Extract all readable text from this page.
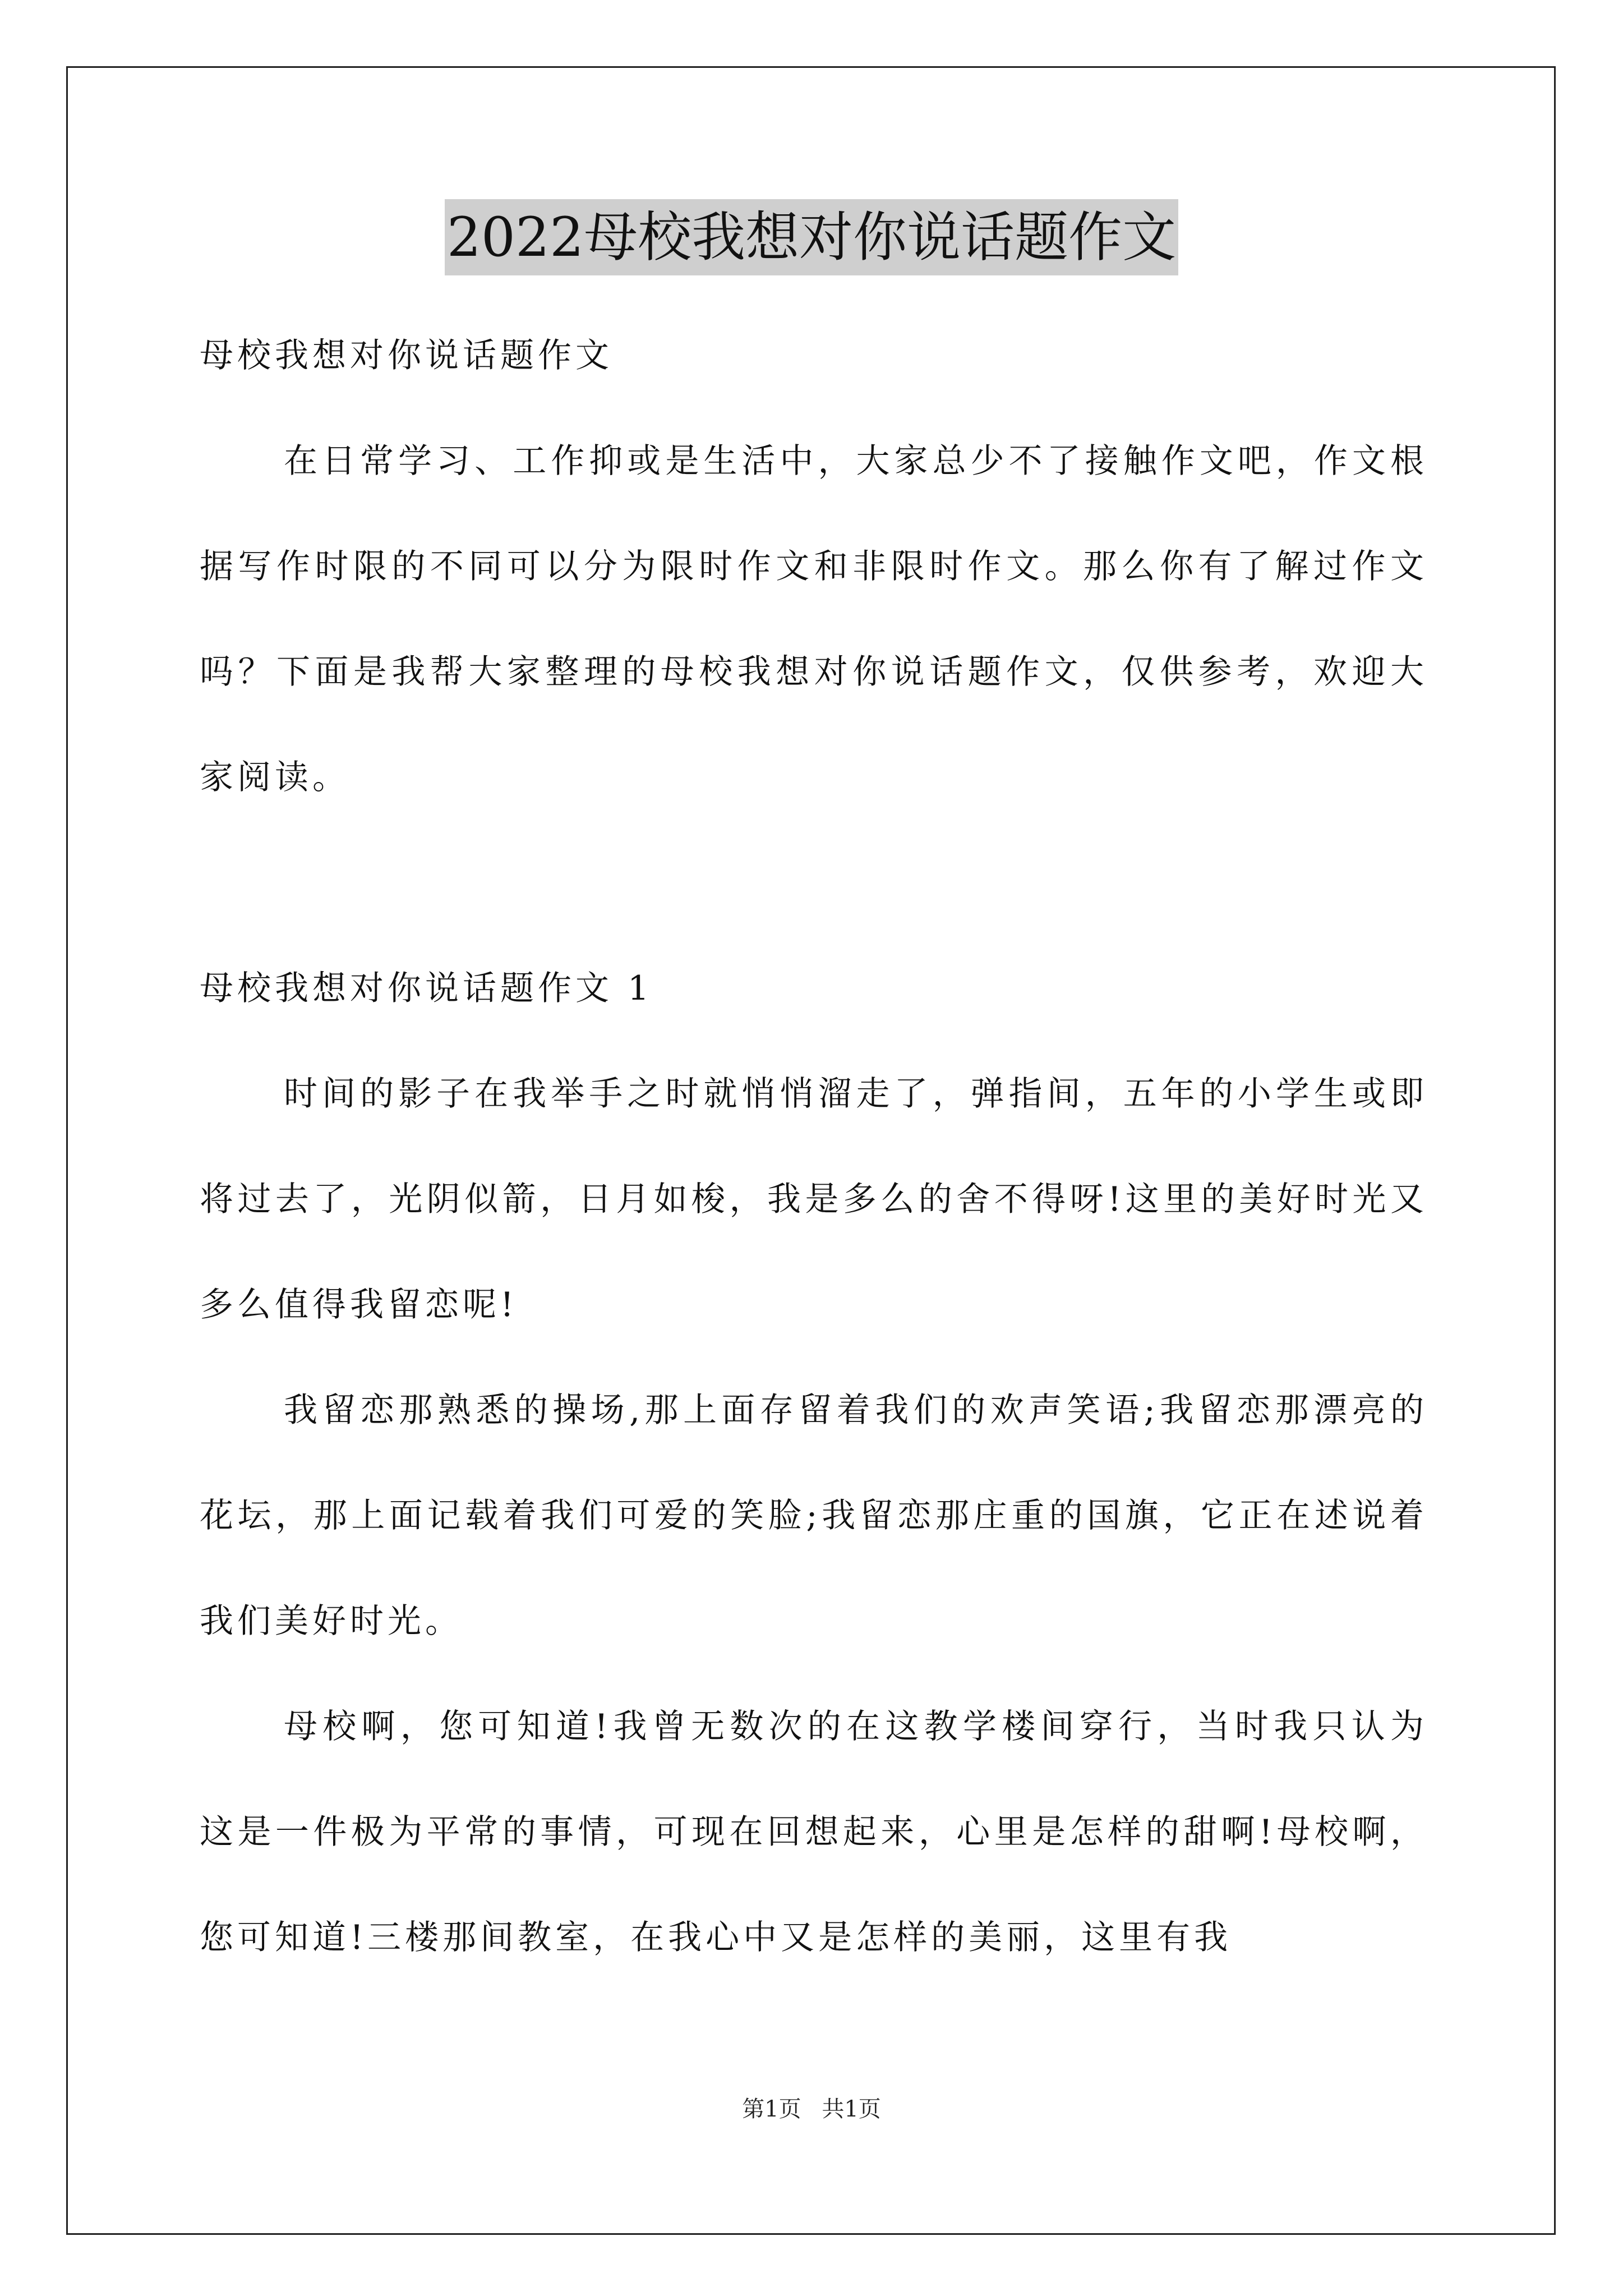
2022母校我想对你说话题作文

母校我想对你说话题作文

在日常学习、工作抑或是生活中，大家总少不了接触作文吧，作文根据写作时限的不同可以分为限时作文和非限时作文。那么你有了解过作文吗？下面是我帮大家整理的母校我想对你说话题作文，仅供参考，欢迎大家阅读。

母校我想对你说话题作文 1

时间的影子在我举手之时就悄悄溜走了，弹指间，五年的小学生或即将过去了，光阴似箭，日月如梭，我是多么的舍不得呀!这里的美好时光又多么值得我留恋呢!

我留恋那熟悉的操场,那上面存留着我们的欢声笑语;我留恋那漂亮的花坛，那上面记载着我们可爱的笑脸;我留恋那庄重的国旗，它正在述说着我们美好时光。

母校啊，您可知道!我曾无数次的在这教学楼间穿行，当时我只认为这是一件极为平常的事情，可现在回想起来，心里是怎样的甜啊!母校啊，您可知道!三楼那间教室，在我心中又是怎样的美丽，这里有我

第1页 共1页
